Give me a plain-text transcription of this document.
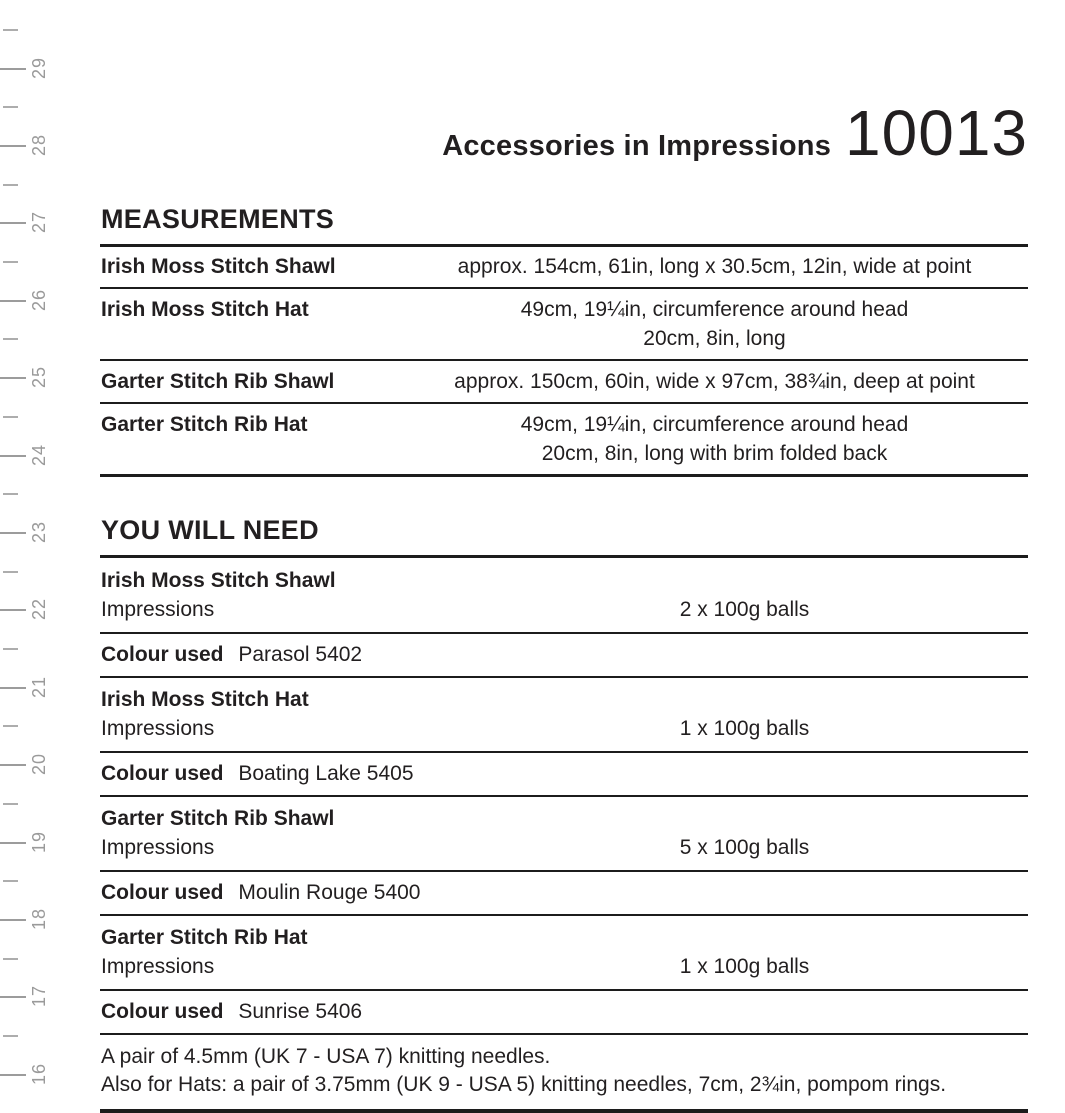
29
28
27
26
25
24
23
22
21
20
19
18
17
16
Accessories in Impressions 10013
MEASUREMENTS
Irish Moss Stitch Shawl	approx. 154cm, 61in, long x 30.5cm, 12in, wide at point
Irish Moss Stitch Hat	49cm, 19¼in, circumference around head
20cm, 8in, long
Garter Stitch Rib Shawl	approx. 150cm, 60in, wide x 97cm, 38¾in, deep at point
Garter Stitch Rib Hat	49cm, 19¼in, circumference around head
20cm, 8in, long with brim folded back
YOU WILL NEED
Irish Moss Stitch Shawl
Impressions	2 x 100g balls
Colour used Parasol 5402
Irish Moss Stitch Hat
Impressions	1 x 100g balls
Colour used Boating Lake 5405
Garter Stitch Rib Shawl
Impressions	5 x 100g balls
Colour used Moulin Rouge 5400
Garter Stitch Rib Hat
Impressions	1 x 100g balls
Colour used Sunrise 5406

A pair of 4.5mm (UK 7 - USA 7) knitting needles.

Also for Hats: a pair of 3.75mm (UK 9 - USA 5) knitting needles, 7cm, 2¾in, pompom rings.
